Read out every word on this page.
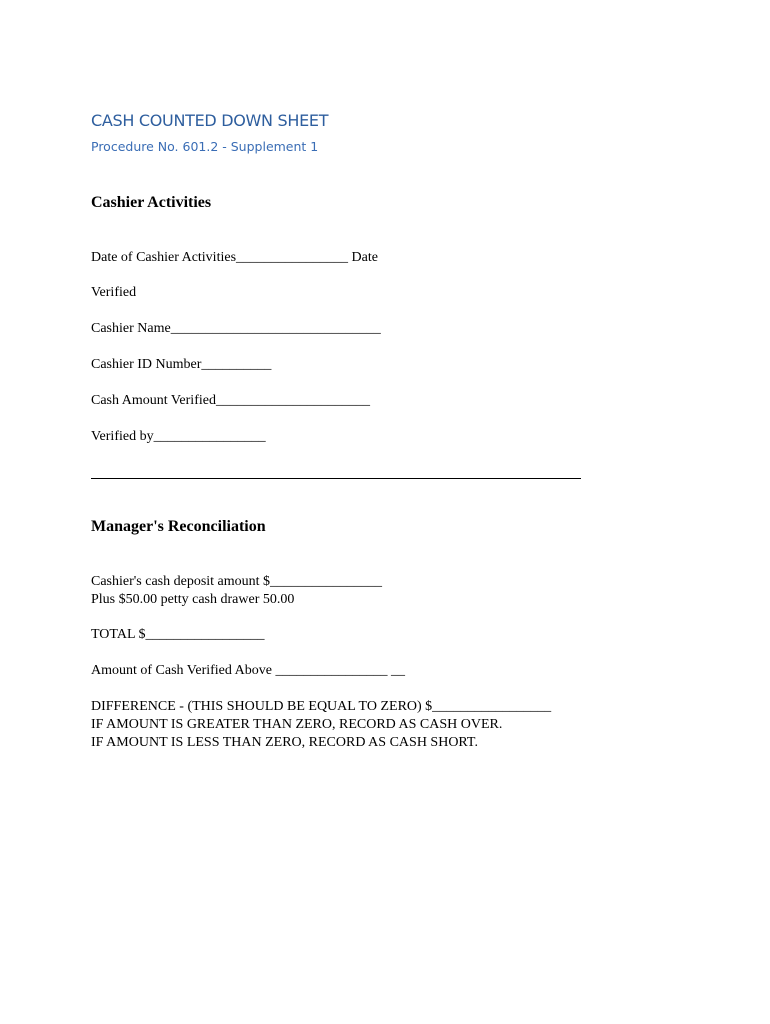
CASH COUNTED DOWN SHEET
Procedure No. 601.2 - Supplement 1
Cashier Activities
Date of Cashier Activities________________ Date
Verified
Cashier Name______________________________
Cashier ID Number__________
Cash Amount Verified______________________
Verified by________________
Manager's Reconciliation
Cashier's cash deposit amount $________________
Plus $50.00 petty cash drawer 50.00
TOTAL $_________________
Amount of Cash Verified Above ________________ __
DIFFERENCE - (THIS SHOULD BE EQUAL TO ZERO) $_________________
IF AMOUNT IS GREATER THAN ZERO, RECORD AS CASH OVER.
IF AMOUNT IS LESS THAN ZERO, RECORD AS CASH SHORT.
